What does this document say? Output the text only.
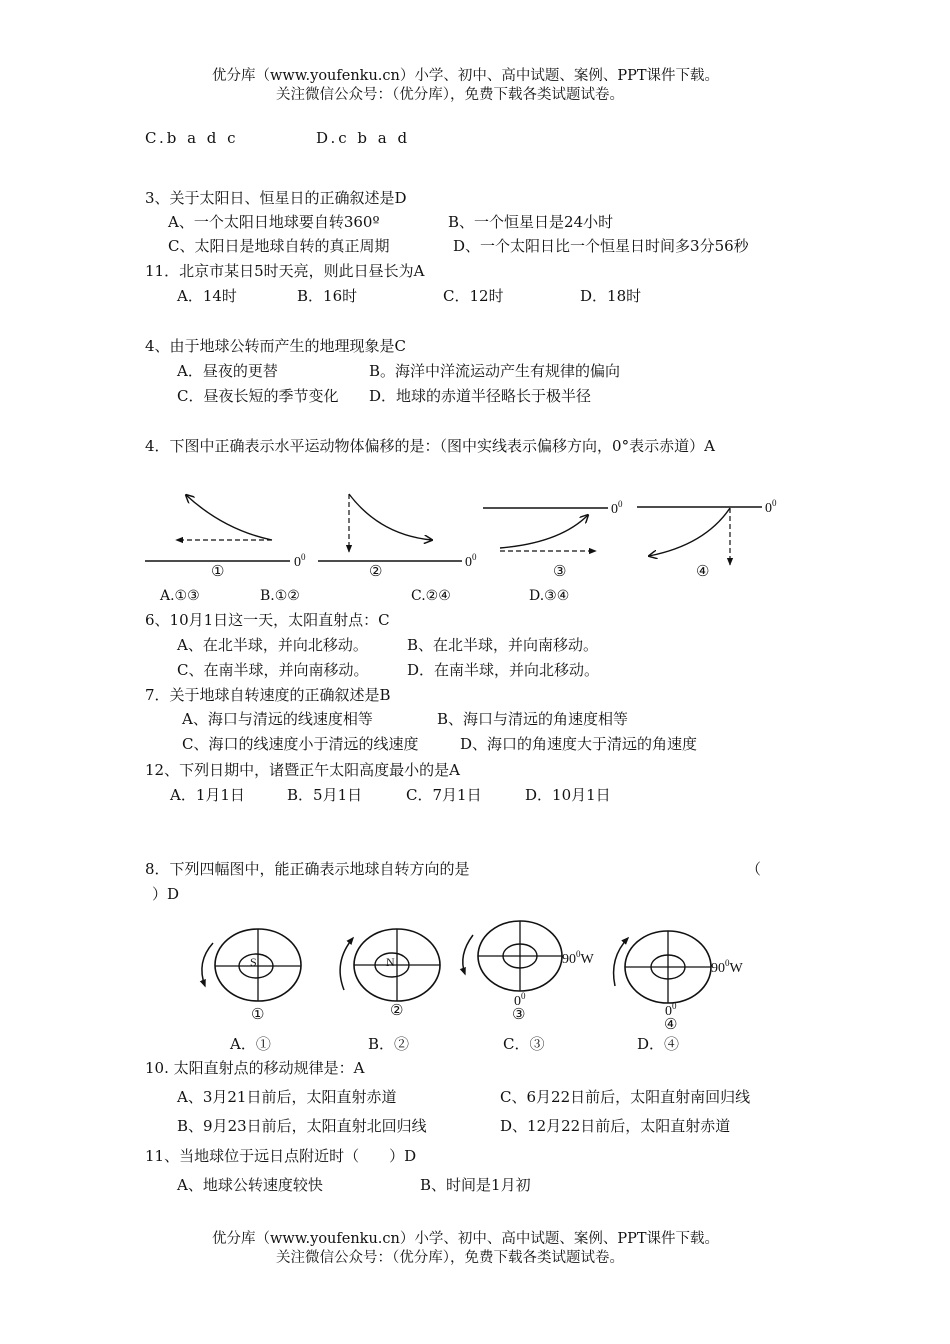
优分库（www.youfenku.cn）小学、初中、高中试题、案例、PPT课件下载。
关注微信公众号：（优分库），免费下载各类试题试卷。
C.b a d c	D.c b a d
3、关于太阳日、恒星日的正确叙述是D
A、一个太阳日地球要自转360º	B、一个恒星日是24小时
C、太阳日是地球自转的真正周期	D、一个太阳日比一个恒星日时间多3分56秒
11．北京市某日5时天亮，则此日昼长为A
A．14时	B．16时	C．12时	D．18时
4、由于地球公转而产生的地理现象是C
A．昼夜的更替	B。海洋中洋流运动产生有规律的偏向
C．昼夜长短的季节变化 D．地球的赤道半径略长于极半径
4．下图中正确表示水平运动物体偏移的是：（图中实线表示偏移方向，0°表示赤道）A
$0^0$	$0^0$
$0^0$	$0^0$
①	②	③	④
A.①③	B.①②	C.②④	D.③④
6、10月1日这一天，太阳直射点：C
A、在北半球，并向北移动。	B、在北半球，并向南移动。
C、在南半球，并向南移动。	D．在南半球，并向北移动。
7．关于地球自转速度的正确叙述是B
A、海口与清远的线速度相等	B、海口与清远的角速度相等
C、海口的线速度小于清远的线速度	D、海口的角速度大于清远的角速度
12、下列日期中，诸暨正午太阳高度最小的是A
A．1月1日	B．5月1日	C．7月1日	D．10月1日
8．下列四幅图中，能正确表示地球自转方向的是	（
）D
S	N	$90^0W$
$0^0$
$90^0W$
$0^0$
①	②	③
④
A．①	B．②	C．③	D．④
10. 太阳直射点的移动规律是：A
A、3月21日前后，太阳直射赤道	C、6月22日前后，太阳直射南回归线
B、9月23日前后，太阳直射北回归线	D、12月22日前后，太阳直射赤道
11、当地球位于远日点附近时（　　）D
A、地球公转速度较快	B、时间是1月初
优分库（www.youfenku.cn）小学、初中、高中试题、案例、PPT课件下载。
关注微信公众号：（优分库），免费下载各类试题试卷。
